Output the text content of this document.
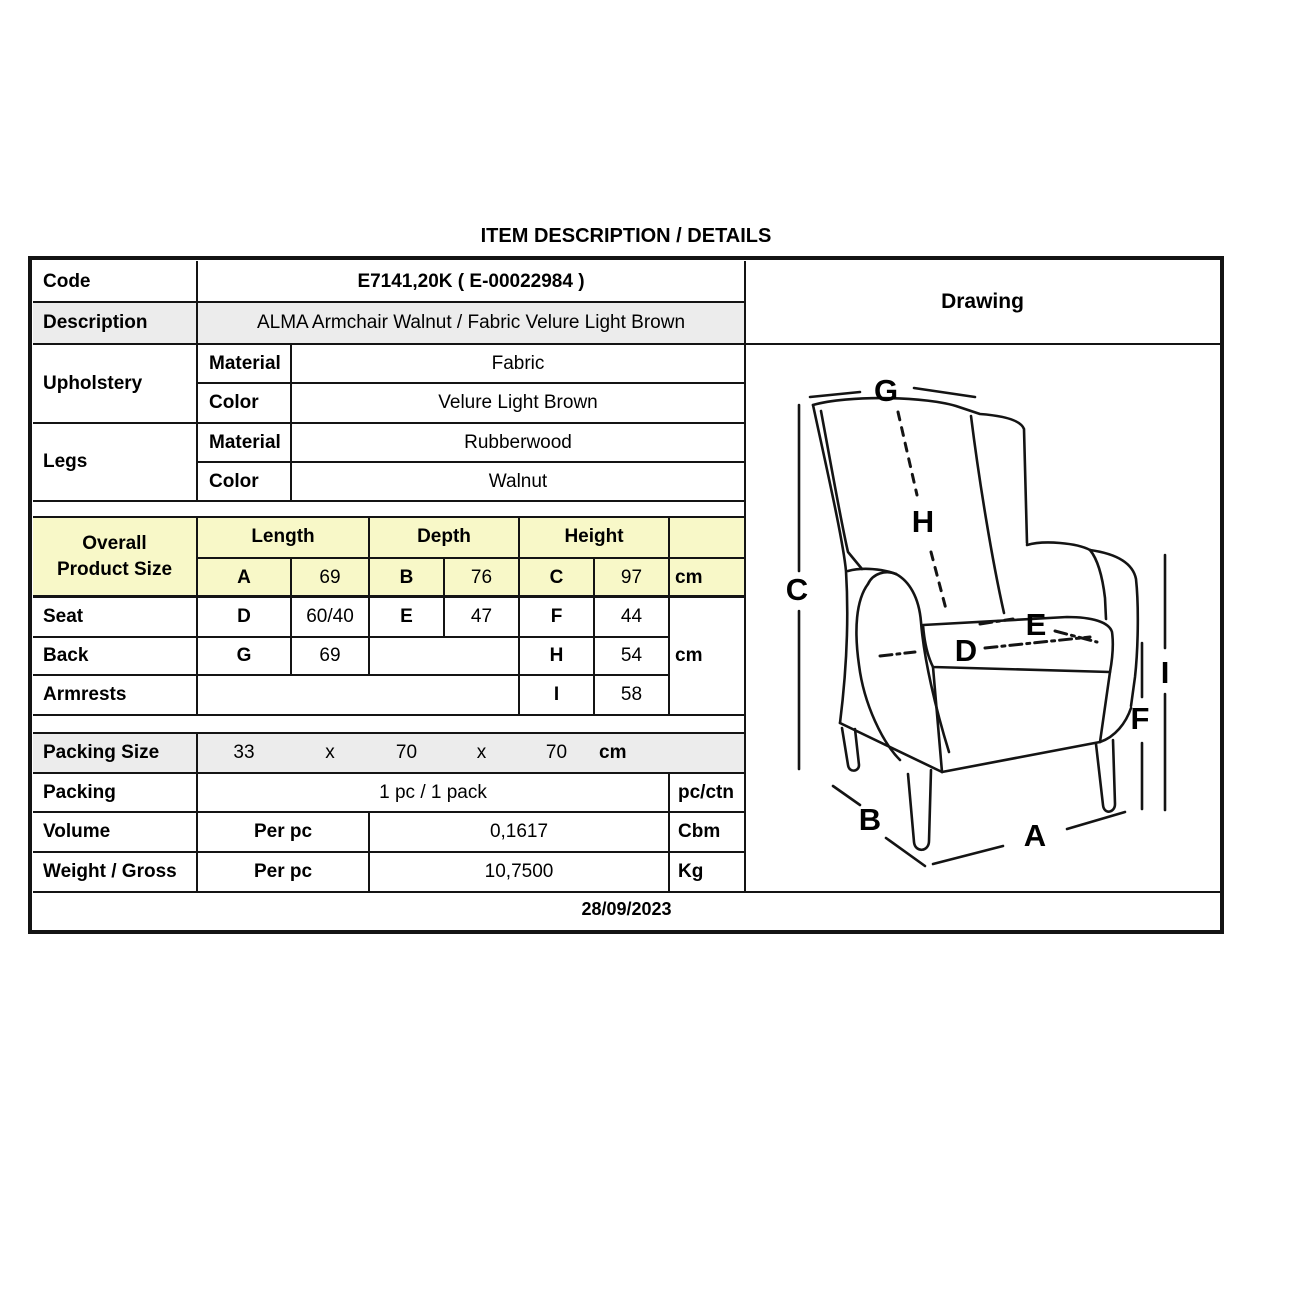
ITEM DESCRIPTION / DETAILS
Code	E7141,20K ( E-00022984 )
Description	ALMA Armchair Walnut / Fabric Velure Light Brown
Upholstery
Material	Fabric
Color	Velure Light Brown
Legs
Material	Rubberwood
Color	Walnut
Overall
Product Size
Length	Depth	Height
A	69	B	76	C	97	cm
Seat	D	60/40	E	47	F	44
Back	G	69	H	54
Armrests	I	58
cm
Packing Size	33	x	70	x	70	cm
Packing	1 pc / 1 pack	pc/ctn
Volume	Per pc	0,1617	Cbm
Weight / Gross	Per pc	10,7500	Kg
28/09/2023
Drawing
G
C
H
D
E
F
I
B	A
